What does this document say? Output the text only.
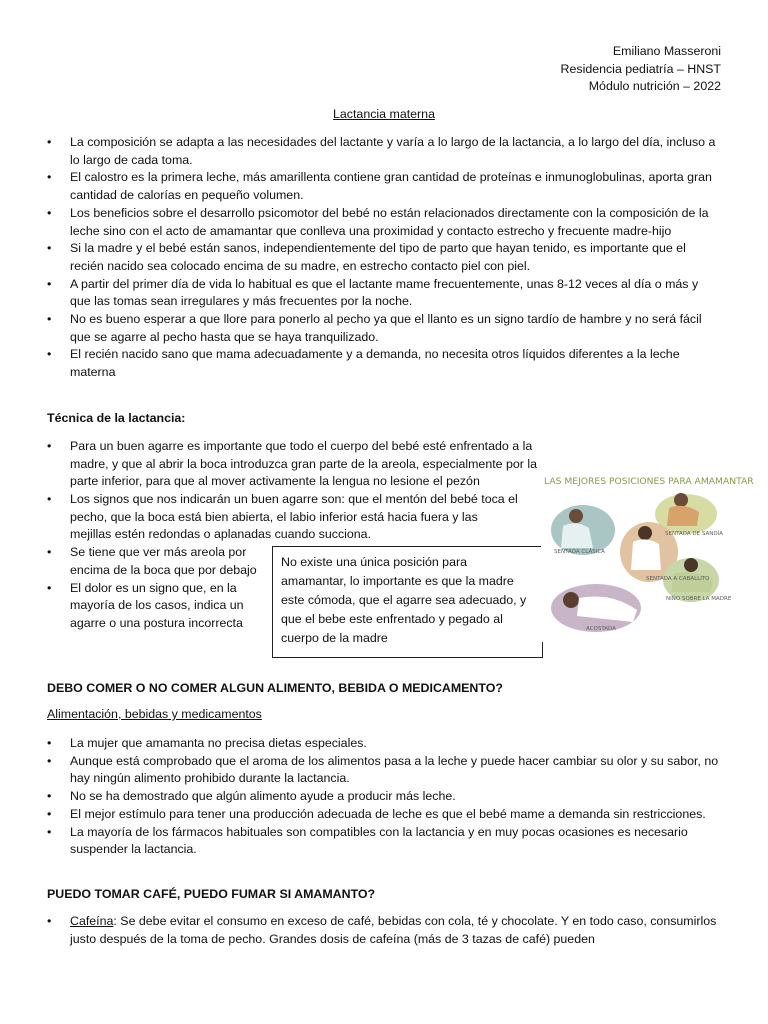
Emiliano Masseroni
Residencia pediatría – HNST
Módulo nutrición – 2022
Lactancia materna
• La composición se adapta a las necesidades del lactante y varía a lo largo de la lactancia, a lo largo del día, incluso a lo largo de cada toma.
• El calostro es la primera leche, más amarillenta contiene gran cantidad de proteínas e inmunoglobulinas, aporta gran cantidad de calorías en pequeño volumen.
• Los beneficios sobre el desarrollo psicomotor del bebé no están relacionados directamente con la composición de la leche sino con el acto de amamantar que conlleva una proximidad y contacto estrecho y frecuente madre-hijo
• Si la madre y el bebé están sanos, independientemente del tipo de parto que hayan tenido, es importante que el recién nacido sea colocado encima de su madre, en estrecho contacto piel con piel.
• A partir del primer día de vida lo habitual es que el lactante mame frecuentemente, unas 8-12 veces al día o más y que las tomas sean irregulares y más frecuentes por la noche.
• No es bueno esperar a que llore para ponerlo al pecho ya que el llanto es un signo tardío de hambre y no será fácil que se agarre al pecho hasta que se haya tranquilizado.
• El recién nacido sano que mama adecuadamente y a demanda, no necesita otros líquidos diferentes a la leche materna
Técnica de la lactancia:
• Para un buen agarre es importante que todo el cuerpo del bebé esté enfrentado a la madre, y que al abrir la boca introduzca gran parte de la areola, especialmente por la parte inferior, para que al mover activamente la lengua no lesione el pezón
• Los signos que nos indicarán un buen agarre son: que el mentón del bebé toca el pecho, que la boca está bien abierta, el labio inferior está hacia fuera y las mejillas estén redondas o aplanadas cuando succiona.
• Se tiene que ver más areola por encima de la boca que por debajo
• El dolor es un signo que, en la mayoría de los casos, indica un agarre o una postura incorrecta
No existe una única posición para amamantar, lo importante es que la madre este cómoda, que el agarre sea adecuado, y que el bebe este enfrentado y pegado al cuerpo de la madre
LAS MEJORES POSICIONES PARA AMAMANTAR
SENTADA CLÁSICA
SENTADA DE SANDÍA
SENTADA A CABALLITO
NIÑO SOBRE LA MADRE
ACOSTADA
DEBO COMER O NO COMER ALGUN ALIMENTO, BEBIDA O MEDICAMENTO?
Alimentación, bebidas y medicamentos
• La mujer que amamanta no precisa dietas especiales.
• Aunque está comprobado que el aroma de los alimentos pasa a la leche y puede hacer cambiar su olor y su sabor, no hay ningún alimento prohibido durante la lactancia.
• No se ha demostrado que algún alimento ayude a producir más leche.
• El mejor estímulo para tener una producción adecuada de leche es que el bebé mame a demanda sin restricciones.
• La mayoría de los fármacos habituales son compatibles con la lactancia y en muy pocas ocasiones es necesario suspender la lactancia.
PUEDO TOMAR CAFÉ, PUEDO FUMAR SI AMAMANTO?
• Cafeína: Se debe evitar el consumo en exceso de café, bebidas con cola, té y chocolate. Y en todo caso, consumirlos justo después de la toma de pecho. Grandes dosis de cafeína (más de 3 tazas de café) pueden
